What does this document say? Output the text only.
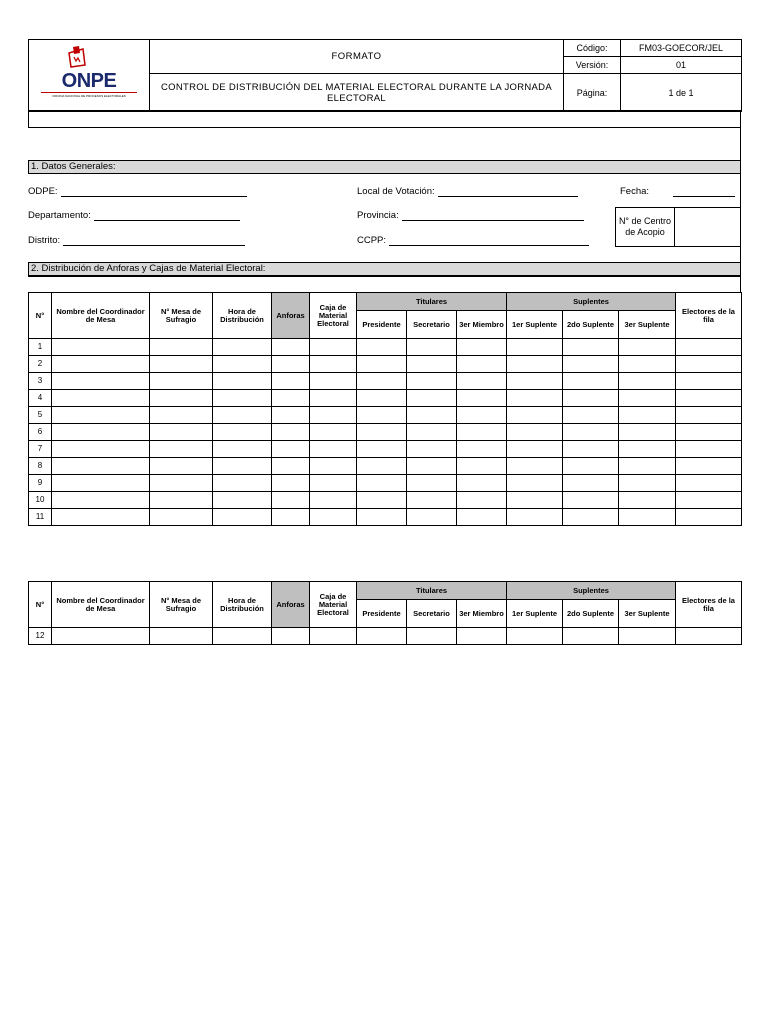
ONPE
OFICINA NACIONAL DE PROCESOS ELECTORALES	FORMATO	Código:	FM03-GOECOR/JEL
		Versión:	01
	CONTROL DE DISTRIBUCIÓN DEL MATERIAL ELECTORAL DURANTE LA JORNADA ELECTORAL	Página:	1 de 1
1. Datos Generales:
ODPE:	Local de Votación:	Fecha:
Departamento:	Provincia:	N° de Centro de Acopio
Distrito:	CCPP:
2. Distribución de Anforas y Cajas de Material Electoral:
N°	Nombre del Coordinador de Mesa	N° Mesa de Sufragio	Hora de Distribución	Anforas	Caja de Material Electoral	Titulares			Suplentes			Electores de la fila
						Presidente	Secretario	3er Miembro	1er Suplente	2do Suplente	3er Suplente	
1												
2												
3												
4												
5												
6												
7												
8												
9												
10												
11												
N°	Nombre del Coordinador de Mesa	N° Mesa de Sufragio	Hora de Distribución	Anforas	Caja de Material Electoral	Titulares			Suplentes			Electores de la fila
						Presidente	Secretario	3er Miembro	1er Suplente	2do Suplente	3er Suplente	
12												
